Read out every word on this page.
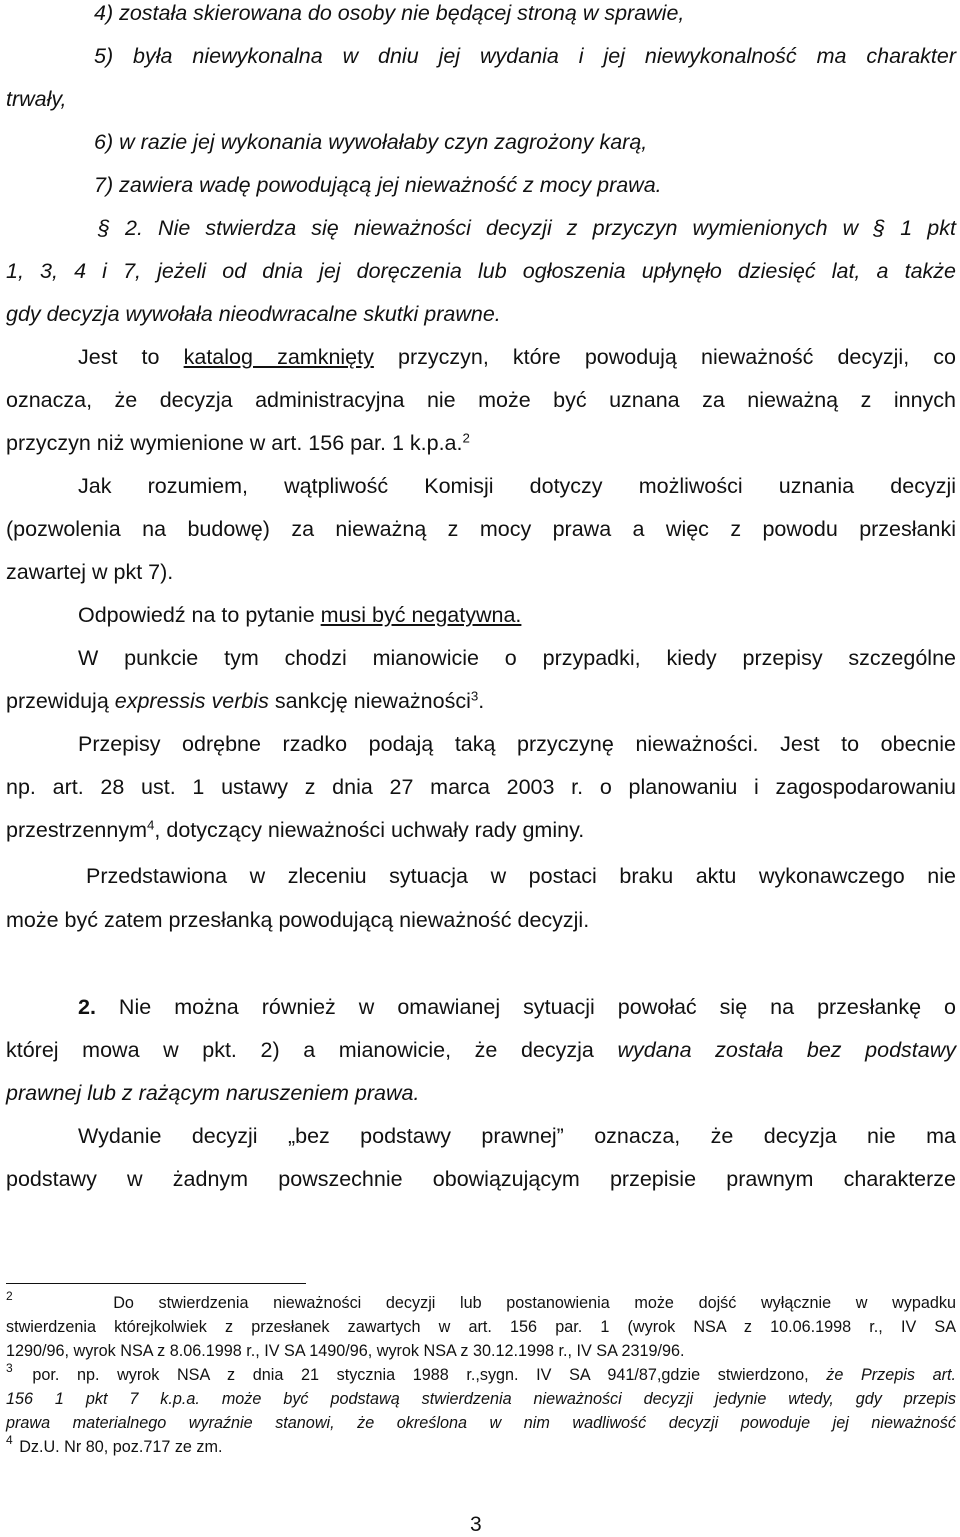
4) została skierowana do osoby nie będącej stroną w sprawie,
5) była niewykonalna w dniu jej wydania i jej niewykonalność ma charakter
trwały,
6) w razie jej wykonania wywołałaby czyn zagrożony karą,
7) zawiera wadę powodującą jej nieważność z mocy prawa.
§ 2. Nie stwierdza się nieważności decyzji z przyczyn wymienionych w § 1 pkt
1, 3, 4 i 7, jeżeli od dnia jej doręczenia lub ogłoszenia upłynęło dziesięć lat, a także
gdy decyzja wywołała nieodwracalne skutki prawne.
Jest to katalog zamknięty przyczyn, które powodują nieważność decyzji, co
oznacza, że decyzja administracyjna nie może być uznana za nieważną z innych
przyczyn niż wymienione w art. 156 par. 1 k.p.a.$^2$
Jak rozumiem, wątpliwość Komisji dotyczy możliwości uznania decyzji
(pozwolenia na budowę) za nieważną z mocy prawa a więc z powodu przesłanki
zawartej w pkt 7).
Odpowiedź na to pytanie musi być negatywna.
W punkcie tym chodzi mianowicie o przypadki, kiedy przepisy szczególne
przewidują expressis verbis sankcję nieważności$^3$.
Przepisy odrębne rzadko podają taką przyczynę nieważności. Jest to obecnie
np. art. 28 ust. 1 ustawy z dnia 27 marca 2003 r. o planowaniu i zagospodarowaniu
przestrzennym$^4$, dotyczący nieważności uchwały rady gminy.
Przedstawiona w zleceniu sytuacja w postaci braku aktu wykonawczego nie
może być zatem przesłanką powodującą nieważność decyzji.
2. Nie można również w omawianej sytuacji powołać się na przesłankę o
której mowa w pkt. 2) a mianowicie, że decyzja wydana została bez podstawy
prawnej lub z rażącym naruszeniem prawa.
Wydanie decyzji „bez podstawy prawnej” oznacza, że decyzja nie ma
podstawy w żadnym powszechnie obowiązującym przepisie prawnym charakterze
$^2$	Do stwierdzenia nieważności decyzji lub postanowienia może dojść wyłącznie w wypadku
stwierdzenia którejkolwiek z przesłanek zawartych w art. 156 par. 1 (wyrok NSA z 10.06.1998 r., IV SA
1290/96, wyrok NSA z 8.06.1998 r., IV SA 1490/96, wyrok NSA z 30.12.1998 r., IV SA 2319/96.
$^3$ por. np. wyrok NSA z dnia 21 stycznia 1988 r.,sygn. IV SA 941/87,gdzie stwierdzono, że Przepis art.
156 1 pkt 7 k.p.a. może być podstawą stwierdzenia nieważności decyzji jedynie wtedy, gdy przepis
prawa materialnego wyraźnie stanowi, że określona w nim wadliwość decyzji powoduje jej nieważność
$^4$ Dz.U. Nr 80, poz.717 ze zm.
3
